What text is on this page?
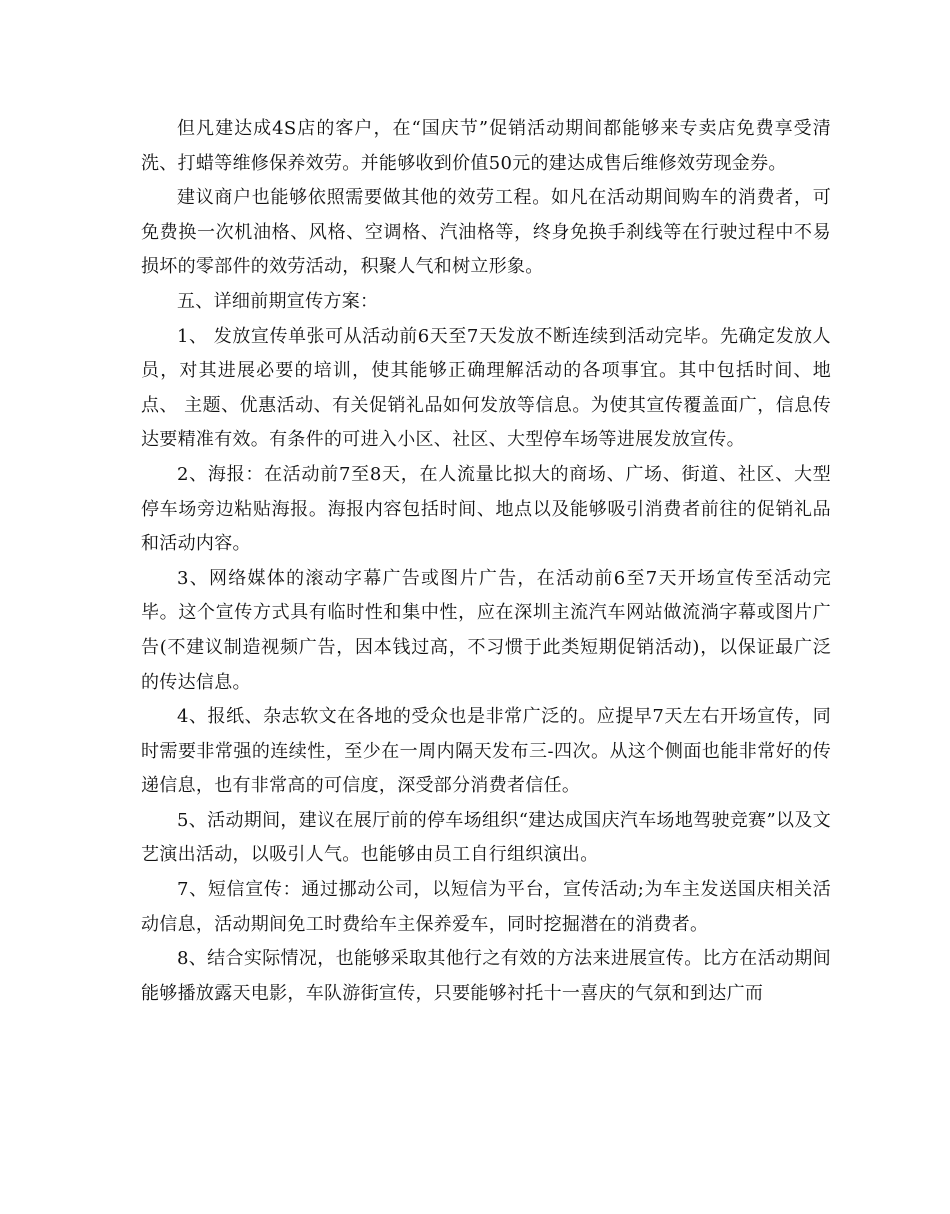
但凡建达成4S店的客户，在“国庆节”促销活动期间都能够来专卖店免费享受清洗、打蜡等维修保养效劳。并能够收到价值50元的建达成售后维修效劳现金券。

建议商户也能够依照需要做其他的效劳工程。如凡在活动期间购车的消费者，可免费换一次机油格、风格、空调格、汽油格等，终身免换手刹线等在行驶过程中不易损坏的零部件的效劳活动，积聚人气和树立形象。

五、详细前期宣传方案：

1、 发放宣传单张可从活动前6天至7天发放不断连续到活动完毕。先确定发放人员，对其进展必要的培训，使其能够正确理解活动的各项事宜。其中包括时间、地点、 主题、优惠活动、有关促销礼品如何发放等信息。为使其宣传覆盖面广，信息传达要精准有效。有条件的可进入小区、社区、大型停车场等进展发放宣传。

2、海报：在活动前7至8天，在人流量比拟大的商场、广场、街道、社区、大型停车场旁边粘贴海报。海报内容包括时间、地点以及能够吸引消费者前往的促销礼品和活动内容。

3、网络媒体的滚动字幕广告或图片广告，在活动前6至7天开场宣传至活动完毕。这个宣传方式具有临时性和集中性，应在深圳主流汽车网站做流淌字幕或图片广告(不建议制造视频广告，因本钱过高，不习惯于此类短期促销活动)，以保证最广泛的传达信息。

4、报纸、杂志软文在各地的受众也是非常广泛的。应提早7天左右开场宣传，同时需要非常强的连续性，至少在一周内隔天发布三-四次。从这个侧面也能非常好的传递信息，也有非常高的可信度，深受部分消费者信任。

5、活动期间，建议在展厅前的停车场组织“建达成国庆汽车场地驾驶竞赛”以及文艺演出活动，以吸引人气。也能够由员工自行组织演出。

7、短信宣传：通过挪动公司，以短信为平台，宣传活动;为车主发送国庆相关活动信息，活动期间免工时费给车主保养爱车，同时挖掘潜在的消费者。

8、结合实际情况，也能够采取其他行之有效的方法来进展宣传。比方在活动期间能够播放露天电影，车队游街宣传，只要能够衬托十一喜庆的气氛和到达广而
